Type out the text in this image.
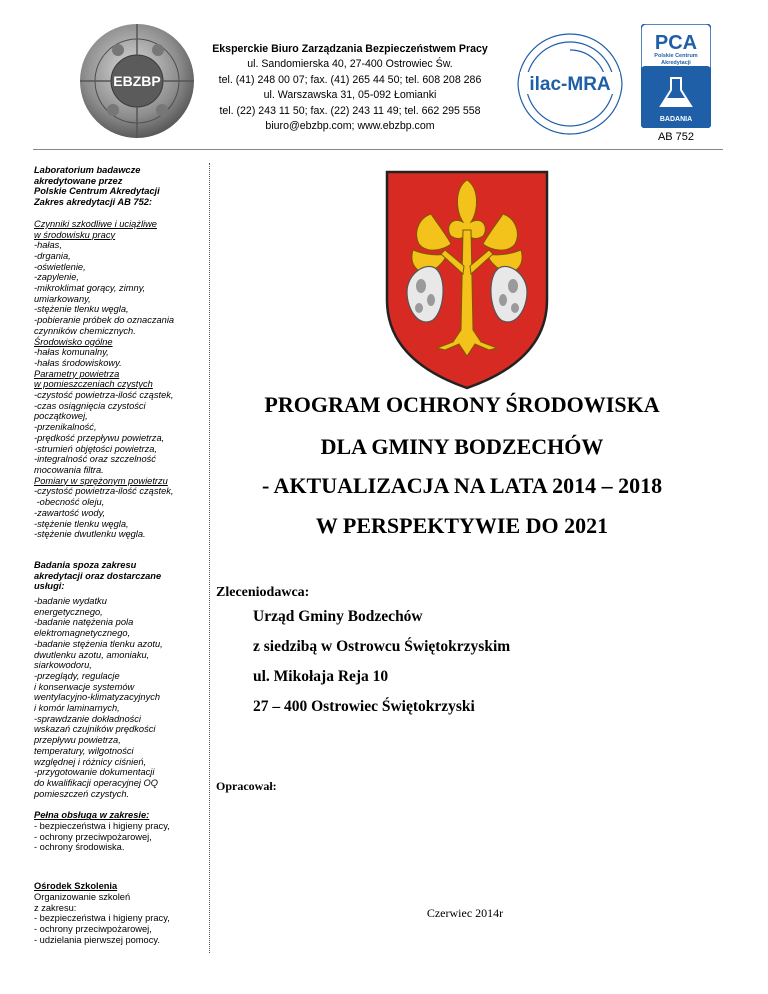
EBZBP
Eksperckie Biuro Zarządzania Bezpieczeństwem Pracy
ul. Sandomierska 40, 27-400 Ostrowiec Św.
tel. (41) 248 00 07; fax. (41) 265 44 50; tel. 608 208 286
ul. Warszawska 31, 05-092 Łomianki
tel. (22) 243 11 50; fax. (22) 243 11 49; tel. 662 295 558
biuro@ebzbp.com; www.ebzbp.com
ilac-MRA
PCA
Polskie Centrum
Akredytacji
BADANIA
AB 752
Laboratorium badawcze
akredytowane przez
Polskie Centrum Akredytacji
Zakres akredytacji AB 752:
Czynniki szkodliwe i uciążliwe
w środowisku pracy
-hałas,
-drgania,
-oświetlenie,
-zapylenie,
-mikroklimat gorący, zimny,
umiarkowany,
-stężenie tlenku węgla,
-pobieranie próbek do oznaczania
czynników chemicznych.
Środowisko ogólne
-hałas komunalny,
-hałas środowiskowy.
Parametry powietrza
w pomieszczeniach czystych
-czystość powietrza-ilość cząstek,
-czas osiągnięcia czystości
początkowej,
-przenikalność,
-prędkość przepływu powietrza,
-strumień objętości powietrza,
-integralność oraz szczelność
mocowania filtra.
Pomiary w sprężonym powietrzu
-czystość powietrza-ilość cząstek,
-obecność oleju,
-zawartość wody,
-stężenie tlenku węgla,
-stężenie dwutlenku węgla.
Badania spoza zakresu
akredytacji oraz dostarczane
usługi:
-badanie wydatku
energetycznego,
-badanie natężenia pola
elektromagnetycznego,
-badanie stężenia tlenku azotu,
dwutlenku azotu, amoniaku,
siarkowodoru,
-przeglądy, regulacje
i konserwacje systemów
wentylacyjno-klimatyzacyjnych
i komór laminarnych,
-sprawdzanie dokładności
wskazań czujników prędkości
przepływu powietrza,
temperatury, wilgotności
względnej i różnicy ciśnień,
-przygotowanie dokumentacji
do kwalifikacji operacyjnej OQ
pomieszczeń czystych.
Pełna obsługa w zakresie:
- bezpieczeństwa i higieny pracy,
- ochrony przeciwpożarowej,
- ochrony środowiska.
Ośrodek Szkolenia
Organizowanie szkoleń
z zakresu:
- bezpieczeństwa i higieny pracy,
- ochrony przeciwpożarowej,
- udzielania pierwszej pomocy.
PROGRAM OCHRONY ŚRODOWISKA
DLA GMINY BODZECHÓW
- AKTUALIZACJA NA LATA 2014 – 2018
W PERSPEKTYWIE DO 2021
Zleceniodawca:
Urząd Gminy Bodzechów
z siedzibą w Ostrowcu Świętokrzyskim
ul. Mikołaja Reja 10
27 – 400 Ostrowiec Świętokrzyski
Opracował:
Czerwiec 2014r
